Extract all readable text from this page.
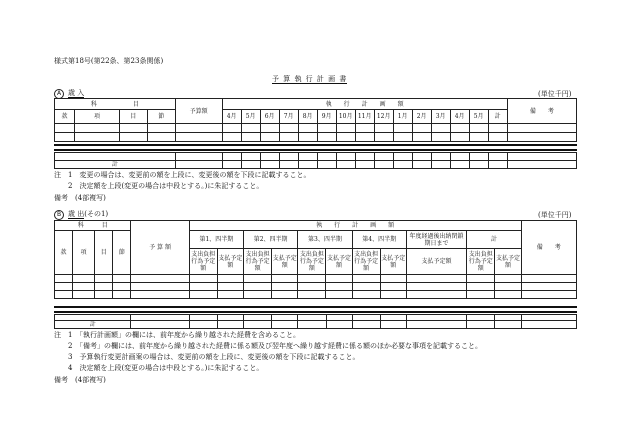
様式第18号(第22条、第23条関係)
予 算 執 行 計 画 書
A 歳 入	(単位千円)
科　　　　　　目				予算額	執　　行　　計　　画　　額															備　　考
款	項	目	節		4月	5月	6月	7月	8月	9月	10月	11月	12月	1月	2月	3月	4月	5月	計	

計																	
注　1　変更の場合は、変更前の額を上段に、変更後の額を下段に記載すること。
　　2　決定額を上段(変更の場合は中段とする。)に朱記すること。
備考　(4部複写)
B 歳 出(その1)	(単位千円)
科　　　目				予 算 額	執　　行　　計　　画　　額											備　　考
款	項	目	節		第1、四半期		第2、四半期		第3、四半期		第4、四半期		年度経過後出納閉鎖期日まで	計		
					支出負担行為予定額	支払予定額	支出負担行為予定額	支払予定額	支出負担行為予定額	支払予定額	支出負担行為予定額	支払予定額	支払予定額	支出負担行為予定額	支払予定額	

計													
注　1　「執行計画額」の欄には、前年度から繰り越された経費を含めること。
　　2　「備考」の欄には、前年度から繰り越された経費に係る額及び翌年度へ繰り越す経費に係る額のほか必要な事項を記載すること。
　　3　予算執行変更計画案の場合は、変更前の額を上段に、変更後の額を下段に記載すること。
　　4　決定額を上段(変更の場合は中段とする。)に朱記すること。
備考　(4部複写)
